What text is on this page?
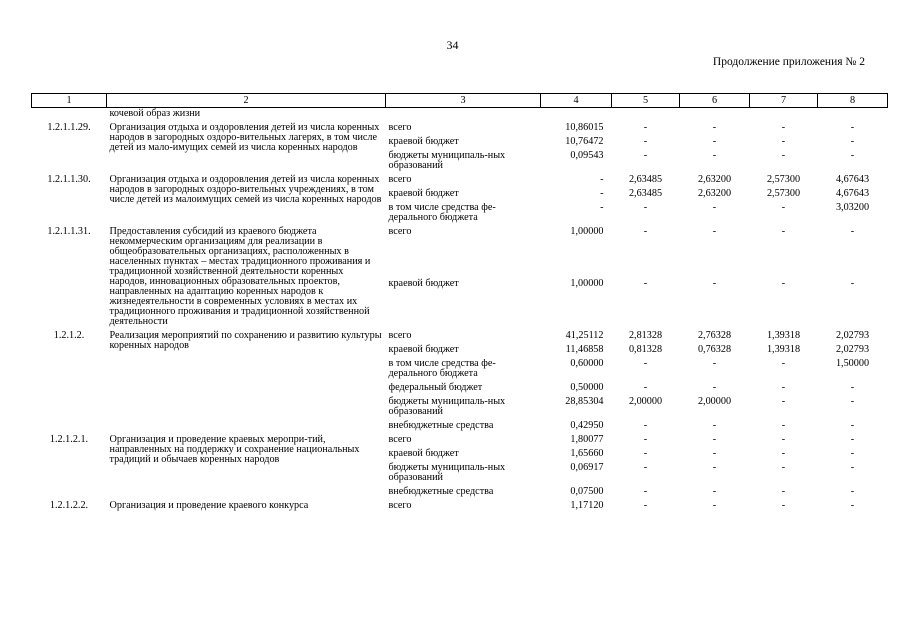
34
Продолжение приложения № 2
1	2	3	4	5	6	7	8
	кочевой образ жизни						
1.2.1.1.29.	Организация отдыха и оздоровления детей из числа коренных народов в загородных оздоро-вительных лагерях, в том числе детей из мало-имущих семей из числа коренных народов	всего	10,86015	-	-	-	-
		краевой бюджет	10,76472	-	-	-	-
		бюджеты муниципаль-ных образований	0,09543	-	-	-	-
1.2.1.1.30.	Организация отдыха и оздоровления детей из числа коренных народов в загородных оздоро-вительных учреждениях, в том числе детей из малоимущих семей из числа коренных народов	всего	-	2,63485	2,63200	2,57300	4,67643
		краевой бюджет	-	2,63485	2,63200	2,57300	4,67643
		в том числе средства фе-дерального бюджета	-	-	-	-	3,03200
1.2.1.1.31.	Предоставления субсидий из краевого бюджета некоммерческим организациям для реализации в общеобразовательных организациях, расположенных в населенных пунктах – местах традиционного проживания и традиционной хозяйственной деятельности коренных народов, инновационных образовательных проектов, направленных на адаптацию коренных народов к жизнедеятельности в современных условиях в местах их традиционного проживания и традиционной хозяйственной деятельности	всего	1,00000	-	-	-	-
		краевой бюджет	1,00000	-	-	-	-
1.2.1.2.	Реализация мероприятий по сохранению и развитию культуры коренных народов	всего	41,25112	2,81328	2,76328	1,39318	2,02793
		краевой бюджет	11,46858	0,81328	0,76328	1,39318	2,02793
		в том числе средства фе-дерального бюджета	0,60000	-	-	-	1,50000
		федеральный бюджет	0,50000	-	-	-	-
		бюджеты муниципаль-ных образований	28,85304	2,00000	2,00000	-	-
		внебюджетные средства	0,42950	-	-	-	-
1.2.1.2.1.	Организация и проведение краевых меропри-тий, направленных на поддержку и сохранение национальных традиций и обычаев коренных народов	всего	1,80077	-	-	-	-
		краевой бюджет	1,65660	-	-	-	-
		бюджеты муниципаль-ных образований	0,06917	-	-	-	-
		внебюджетные средства	0,07500	-	-	-	-
1.2.1.2.2.	Организация и проведение краевого конкурса	всего	1,17120	-	-	-	-
